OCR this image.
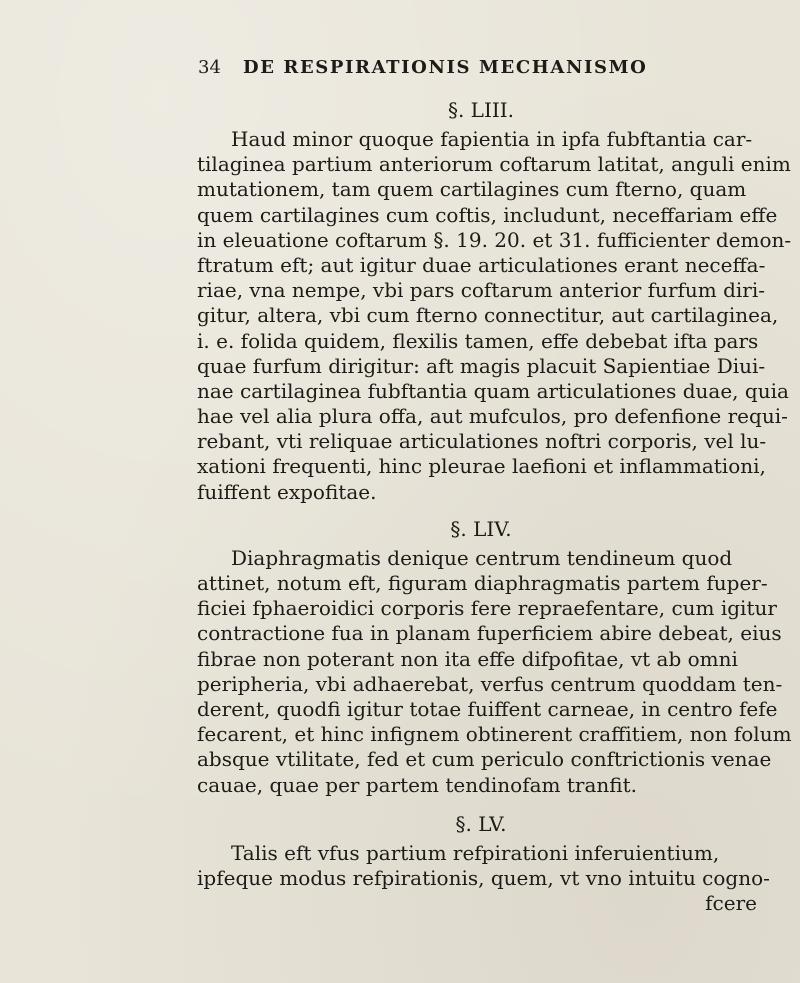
34	DE RESPIRATIONIS MECHANISMO
§. LIII.
Haud minor quoque fapientia in ipfa fubftantia car-
tilaginea partium anteriorum coftarum latitat, anguli enim
mutationem, tam quem cartilagines cum fterno, quam
quem cartilagines cum coftis, includunt, neceffariam effe
in eleuatione coftarum §. 19. 20. et 31. fufficienter demon-
ftratum eft; aut igitur duae articulationes erant neceffa-
riae, vna nempe, vbi pars coftarum anterior furfum diri-
gitur, altera, vbi cum fterno connectitur, aut cartilaginea,
i. e. folida quidem, flexilis tamen, effe debebat ifta pars
quae furfum dirigitur: aft magis placuit Sapientiae Diui-
nae cartilaginea fubftantia quam articulationes duae, quia
hae vel alia plura offa, aut mufculos, pro defenfione requi-
rebant, vti reliquae articulationes noftri corporis, vel lu-
xationi frequenti, hinc pleurae laefioni et inflammationi,
fuiffent expofitae.
§. LIV.
Diaphragmatis denique centrum tendineum quod
attinet, notum eft, figuram diaphragmatis partem fuper-
ficiei fphaeroidici corporis fere repraefentare, cum igitur
contractione fua in planam fuperficiem abire debeat, eius
fibrae non poterant non ita effe difpofitae, vt ab omni
peripheria, vbi adhaerebat, verfus centrum quoddam ten-
derent, quodfi igitur totae fuiffent carneae, in centro fefe
fecarent, et hinc infignem obtinerent craffitiem, non folum
absque vtilitate, fed et cum periculo conftrictionis venae
cauae, quae per partem tendinofam tranfit.
§. LV.
Talis eft vfus partium refpirationi inferuientium,
ipfeque modus refpirationis, quem, vt vno intuitu cogno-
fcere
